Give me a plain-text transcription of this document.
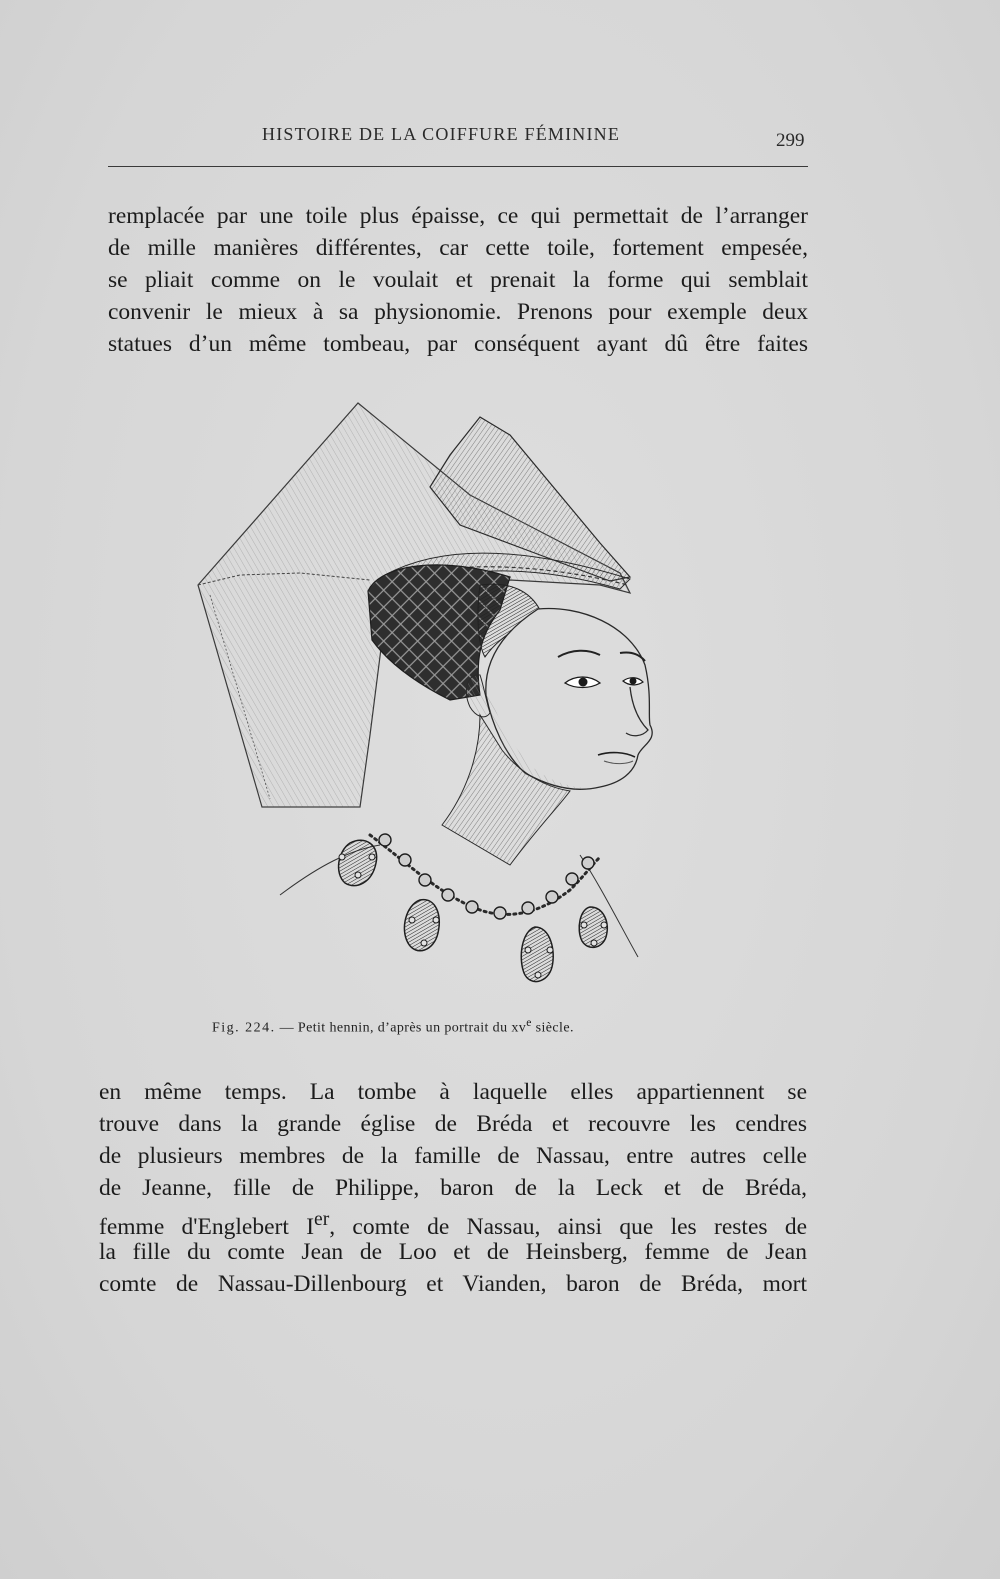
HISTOIRE DE LA COIFFURE FÉMININE	299
remplacée par une toile plus épaisse, ce qui permettait de l’arranger
de mille manières différentes, car cette toile, fortement empesée,
se pliait comme on le voulait et prenait la forme qui semblait
convenir le mieux à sa physionomie. Prenons pour exemple deux
statues d’un même tombeau, par conséquent ayant dû être faites
Fig. 224. — Petit hennin, d’après un portrait du $xv^e$ siècle.
en même temps. La tombe à laquelle elles appartiennent se
trouve dans la grande église de Bréda et recouvre les cendres
de plusieurs membres de la famille de Nassau, entre autres celle
de Jeanne, fille de Philippe, baron de la Leck et de Bréda,
femme d'Englebert Ier, comte de Nassau, ainsi que les restes de
la fille du comte Jean de Loo et de Heinsberg, femme de Jean
comte de Nassau-Dillenbourg et Vianden, baron de Bréda, mort
